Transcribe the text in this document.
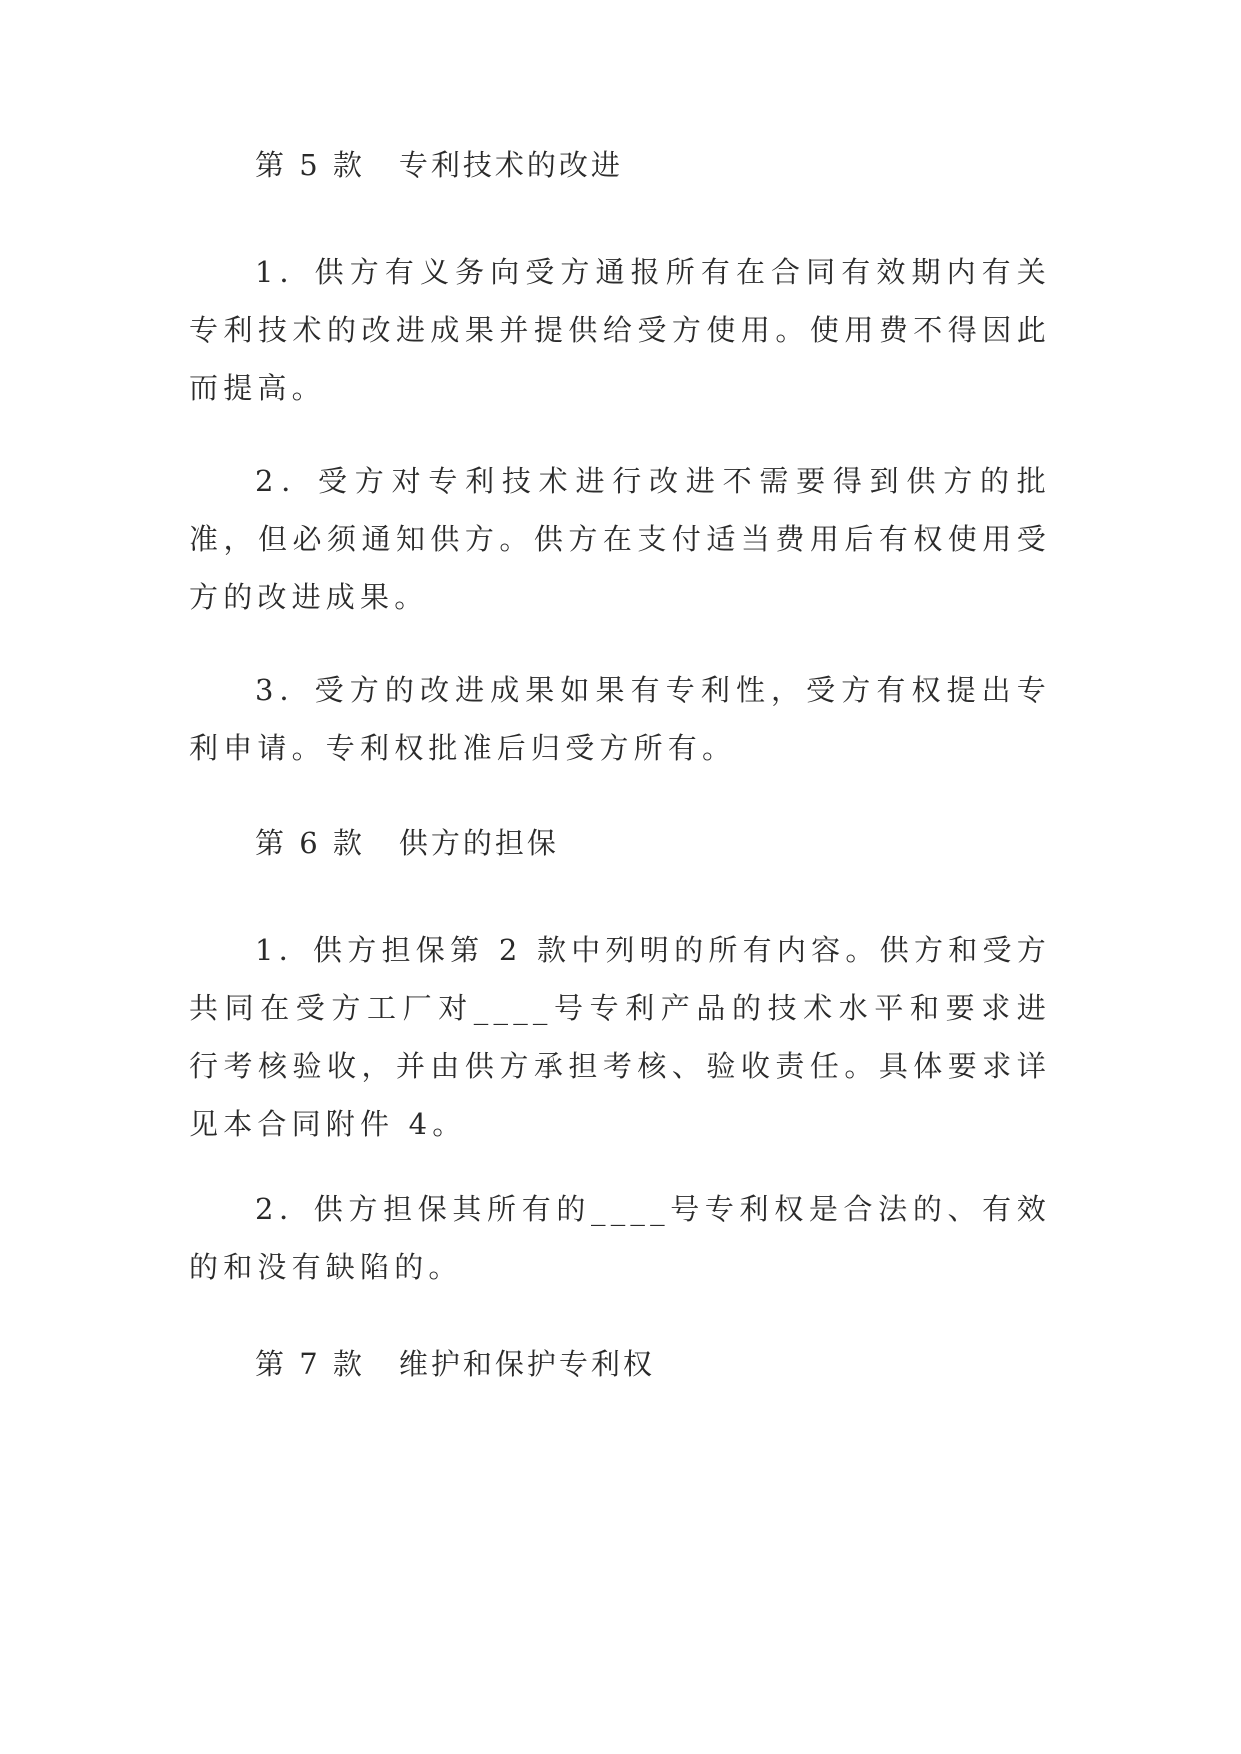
第 5 款 专利技术的改进
1．供方有义务向受方通报所有在合同有效期内有关专利技术的改进成果并提供给受方使用。使用费不得因此而提高。
2．受方对专利技术进行改进不需要得到供方的批准，但必须通知供方。供方在支付适当费用后有权使用受方的改进成果。
3．受方的改进成果如果有专利性，受方有权提出专利申请。专利权批准后归受方所有。
第 6 款 供方的担保
1．供方担保第 2 款中列明的所有内容。供方和受方共同在受方工厂对____号专利产品的技术水平和要求进行考核验收，并由供方承担考核、验收责任。具体要求详见本合同附件 4。
2．供方担保其所有的____号专利权是合法的、有效的和没有缺陷的。
第 7 款 维护和保护专利权
